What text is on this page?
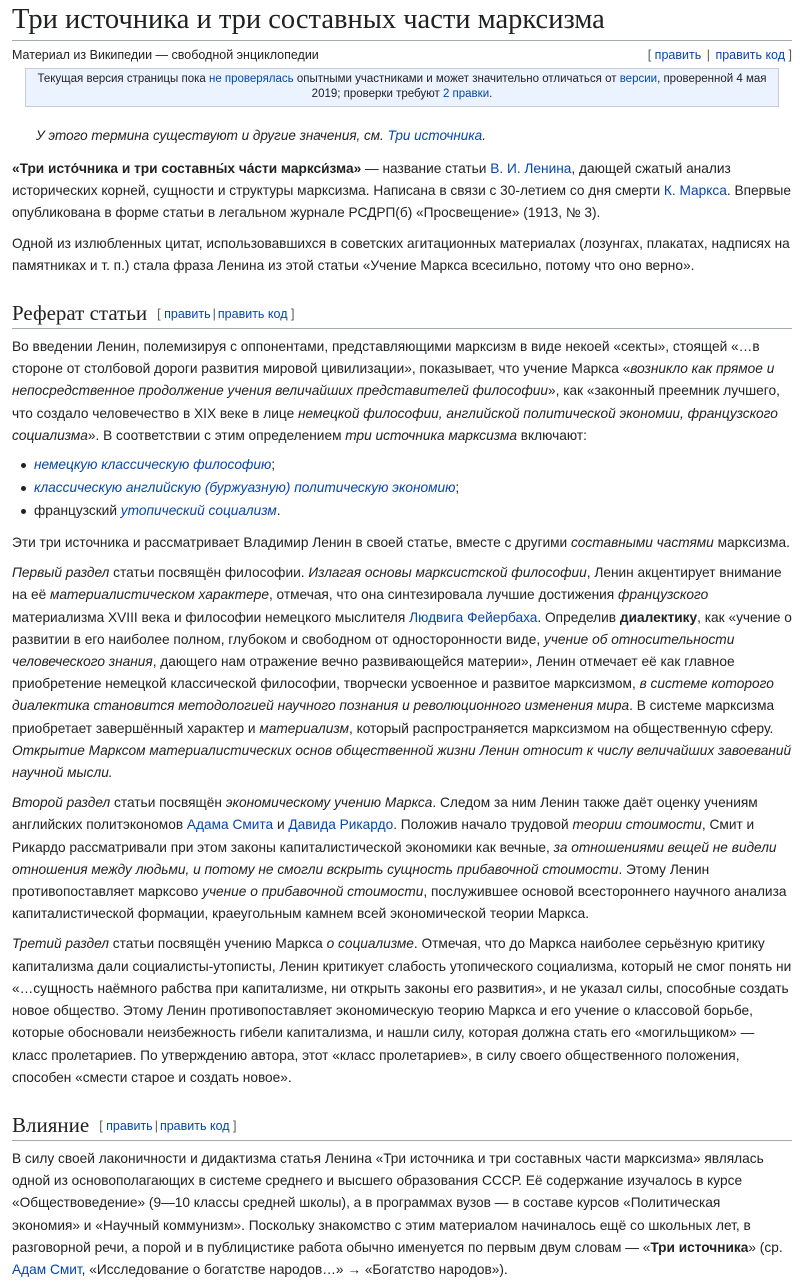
Три источника и три составных части марксизма
Материал из Википедии — свободной энциклопедии	[ править | править код ]
Текущая версия страницы пока не проверялась опытными участниками и может значительно отличаться от версии, проверенной 4 мая 2019; проверки требуют 2 правки.
У этого термина существуют и другие значения, см. Три источника.

«Три исто́чника и три составны́х ча́сти маркси́зма» — название статьи В. И. Ленина, дающей сжатый анализ исторических корней, сущности и структуры марксизма. Написана в связи с 30-летием со дня смерти К. Маркса. Впервые опубликована в форме статьи в легальном журнале РСДРП(б) «Просвещение» (1913, № 3).

Одной из излюбленных цитат, использовавшихся в советских агитационных материалах (лозунгах, плакатах, надписях на памятниках и т. п.) стала фраза Ленина из этой статьи «Учение Маркса всесильно, потому что оно верно».

Реферат статьи [ править | править код ]

Во введении Ленин, полемизируя с оппонентами, представляющими марксизм в виде некоей «секты», стоящей «…в стороне от столбовой дороги развития мировой цивилизации», показывает, что учение Маркса «возникло как прямое и непосредственное продолжение учения величайших представителей философии», как «законный преемник лучшего, что создало человечество в XIX веке в лице немецкой философии, английской политической экономии, французского социализма». В соответствии с этим определением три источника марксизма включают:

немецкую классическую философию;
классическую английскую (буржуазную) политическую экономию;
французский утопический социализм.

Эти три источника и рассматривает Владимир Ленин в своей статье, вместе с другими составными частями марксизма.

Первый раздел статьи посвящён философии. Излагая основы марксистской философии, Ленин акцентирует внимание на её материалистическом характере, отмечая, что она синтезировала лучшие достижения французского материализма XVIII века и философии немецкого мыслителя Людвига Фейербаха. Определив диалектику, как «учение о развитии в его наиболее полном, глубоком и свободном от односторонности виде, учение об относительности человеческого знания, дающего нам отражение вечно развивающейся материи», Ленин отмечает её как главное приобретение немецкой классической философии, творчески усвоенное и развитое марксизмом, в системе которого диалектика становится методологией научного познания и революционного изменения мира. В системе марксизма приобретает завершённый характер и материализм, который распространяется марксизмом на общественную сферу. Открытие Марксом материалистических основ общественной жизни Ленин относит к числу величайших завоеваний научной мысли.

Второй раздел статьи посвящён экономическому учению Маркса. Следом за ним Ленин также даёт оценку учениям английских политэкономов Адама Смита и Давида Рикардо. Положив начало трудовой теории стоимости, Смит и Рикардо рассматривали при этом законы капиталистической экономики как вечные, за отношениями вещей не видели отношения между людьми, и потому не смогли вскрыть сущность прибавочной стоимости. Этому Ленин противопоставляет марксово учение о прибавочной стоимости, послужившее основой всестороннего научного анализа капиталистической формации, краеугольным камнем всей экономической теории Маркса.

Третий раздел статьи посвящён учению Маркса о социализме. Отмечая, что до Маркса наиболее серьёзную критику капитализма дали социалисты-утописты, Ленин критикует слабость утопического социализма, который не смог понять ни «…сущность наёмного рабства при капитализме, ни открыть законы его развития», и не указал силы, способные создать новое общество. Этому Ленин противопоставляет экономическую теорию Маркса и его учение о классовой борьбе, которые обосновали неизбежность гибели капитализма, и нашли силу, которая должна стать его «могильщиком» — класс пролетариев. По утверждению автора, этот «класс пролетариев», в силу своего общественного положения, способен «смести старое и создать новое».

Влияние [ править | править код ]

В силу своей лаконичности и дидактизма статья Ленина «Три источника и три составных части марксизма» являлась одной из основополагающих в системе среднего и высшего образования СССР. Её содержание изучалось в курсе «Обществоведение» (9—10 классы средней школы), а в программах вузов — в составе курсов «Политическая экономия» и «Научный коммунизм». Поскольку знакомство с этим материалом начиналось ещё со школьных лет, в разговорной речи, а порой и в публицистике работа обычно именуется по первым двум словам — «Три источника» (ср. Адам Смит, «Исследование о богатстве народов…» → «Богатство народов»).
